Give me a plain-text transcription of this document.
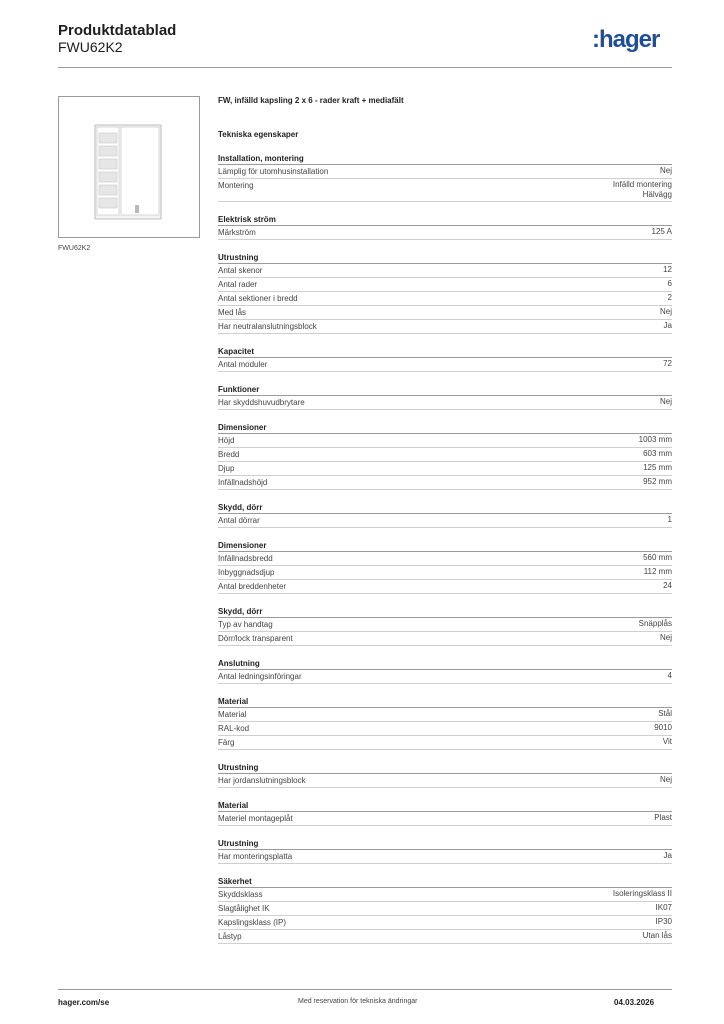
Produktdatablad
FWU62K2	:hager
FWU62K2
FW, infälld kapsling 2 x 6 - rader kraft + mediafält
Tekniska egenskaper
Installation, montering
Lämplig för utomhusinstallation	Nej
Montering	Infälld montering
Hälvägg
Elektrisk ström
Märkström	125 A
Utrustning
Antal skenor	12
Antal rader	6
Antal sektioner i bredd	2
Med lås	Nej
Har neutralanslutningsblock	Ja
Kapacitet
Antal moduler	72
Funktioner
Har skyddshuvudbrytare	Nej
Dimensioner
Höjd	1003 mm
Bredd	603 mm
Djup	125 mm
Infällnadshöjd	952 mm
Skydd, dörr
Antal dörrar	1
Dimensioner
Infällnadsbredd	560 mm
Inbyggnadsdjup	112 mm
Antal breddenheter	24
Skydd, dörr
Typ av handtag	Snäpplås
Dörr/lock transparent	Nej
Anslutning
Antal ledningsinföringar	4
Material
Material	Stål
RAL-kod	9010
Färg	Vit
Utrustning
Har jordanslutningsblock	Nej
Material
Materiel montageplåt	Plast
Utrustning
Har monteringsplatta	Ja
Säkerhet
Skyddsklass	Isoleringsklass II
Slagtålighet IK	IK07
Kapslingsklass (IP)	IP30
Låstyp	Utan lås
hager.com/se	Med reservation för tekniska ändringar	04.03.2026
